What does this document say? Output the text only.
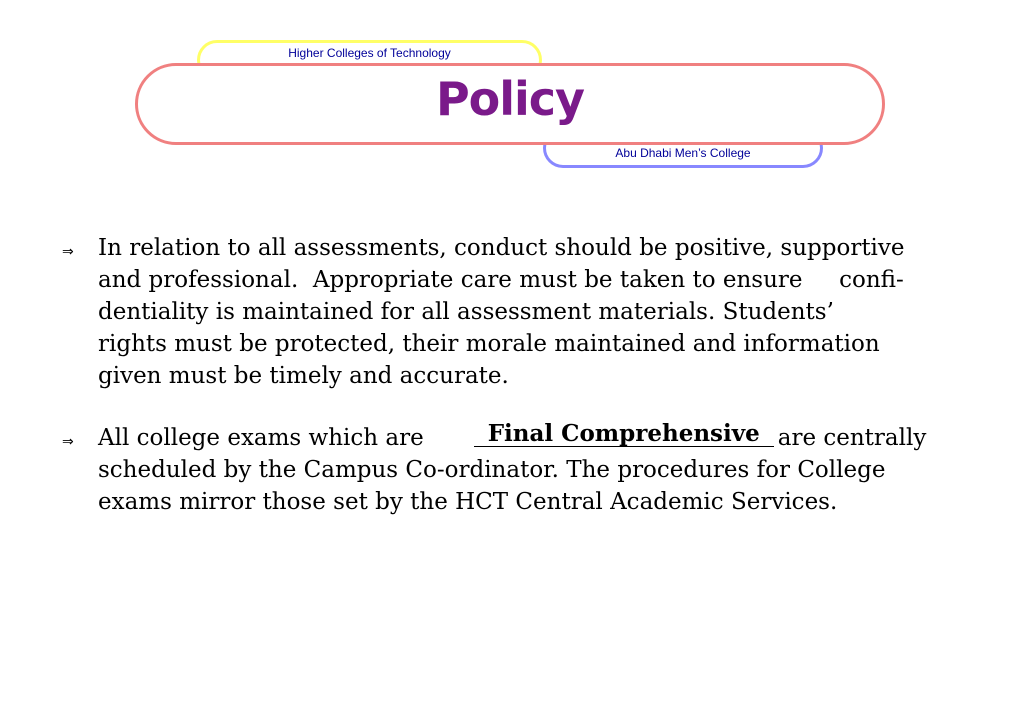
Higher Colleges of Technology
Abu Dhabi Men’s College
Policy
⇒ In relation to all assessments, conduct should be positive, supportive
and professional.  Appropriate care must be taken to ensure     confi-
dentiality is maintained for all assessment materials. Students’
rights must be protected, their morale maintained and information
given must be timely and accurate.
⇒ All college exams which are	Final Comprehensive are centrally
scheduled by the Campus Co-ordinator. The procedures for College
exams mirror those set by the HCT Central Academic Services.
